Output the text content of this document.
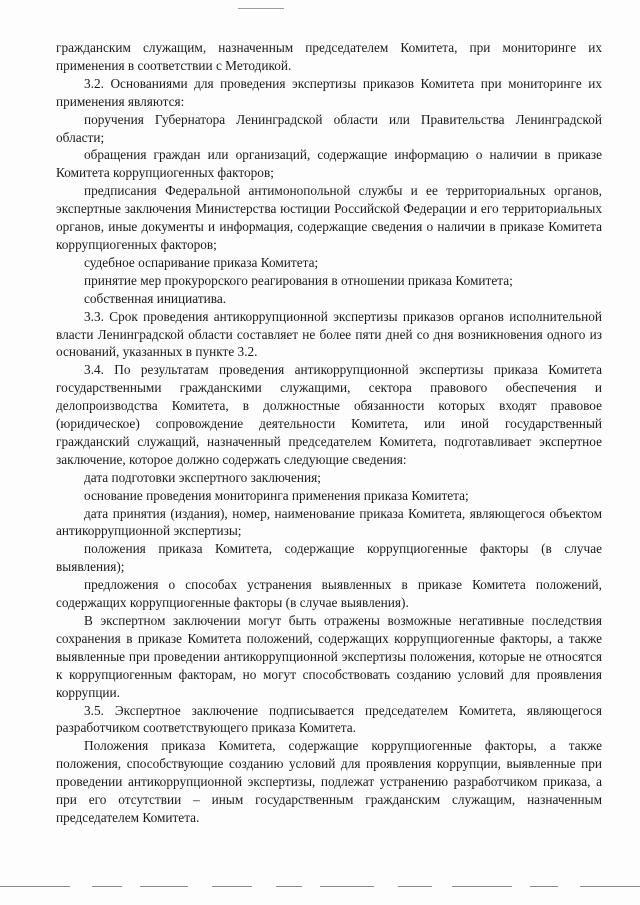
гражданским служащим, назначенным председателем Комитета, при мониторинге их применения в соответствии с Методикой.

3.2. Основаниями для проведения экспертизы приказов Комитета при мониторинге их применения являются:

поручения Губернатора Ленинградской области или Правительства Ленинградской области;

обращения граждан или организаций, содержащие информацию о наличии в приказе Комитета коррупциогенных факторов;

предписания Федеральной антимонопольной службы и ее территориальных органов, экспертные заключения Министерства юстиции Российской Федерации и его территориальных органов, иные документы и информация, содержащие сведения о наличии в приказе Комитета коррупциогенных факторов;

судебное оспаривание приказа Комитета;

принятие мер прокурорского реагирования в отношении приказа Комитета;

собственная инициатива.

3.3. Срок проведения антикоррупционной экспертизы приказов органов исполнительной власти Ленинградской области составляет не более пяти дней со дня возникновения одного из оснований, указанных в пункте 3.2.

3.4. По результатам проведения антикоррупционной экспертизы приказа Комитета государственными гражданскими служащими, сектора правового обеспечения и делопроизводства Комитета, в должностные обязанности которых входят правовое (юридическое) сопровождение деятельности Комитета, или иной государственный гражданский служащий, назначенный председателем Комитета, подготавливает экспертное заключение, которое должно содержать следующие сведения:

дата подготовки экспертного заключения;

основание проведения мониторинга применения приказа Комитета;

дата принятия (издания), номер, наименование приказа Комитета, являющегося объектом антикоррупционной экспертизы;

положения приказа Комитета, содержащие коррупциогенные факторы (в случае выявления);

предложения о способах устранения выявленных в приказе Комитета положений, содержащих коррупциогенные факторы (в случае выявления).

В экспертном заключении могут быть отражены возможные негативные последствия сохранения в приказе Комитета положений, содержащих коррупциогенные факторы, а также выявленные при проведении антикоррупционной экспертизы положения, которые не относятся к коррупциогенным факторам, но могут способствовать созданию условий для проявления коррупции.

3.5. Экспертное заключение подписывается председателем Комитета, являющегося разработчиком соответствующего приказа Комитета.

Положения приказа Комитета, содержащие коррупциогенные факторы, а также положения, способствующие созданию условий для проявления коррупции, выявленные при проведении антикоррупционной экспертизы, подлежат устранению разработчиком приказа, а при его отсутствии – иным государственным гражданским служащим, назначенным председателем Комитета.
